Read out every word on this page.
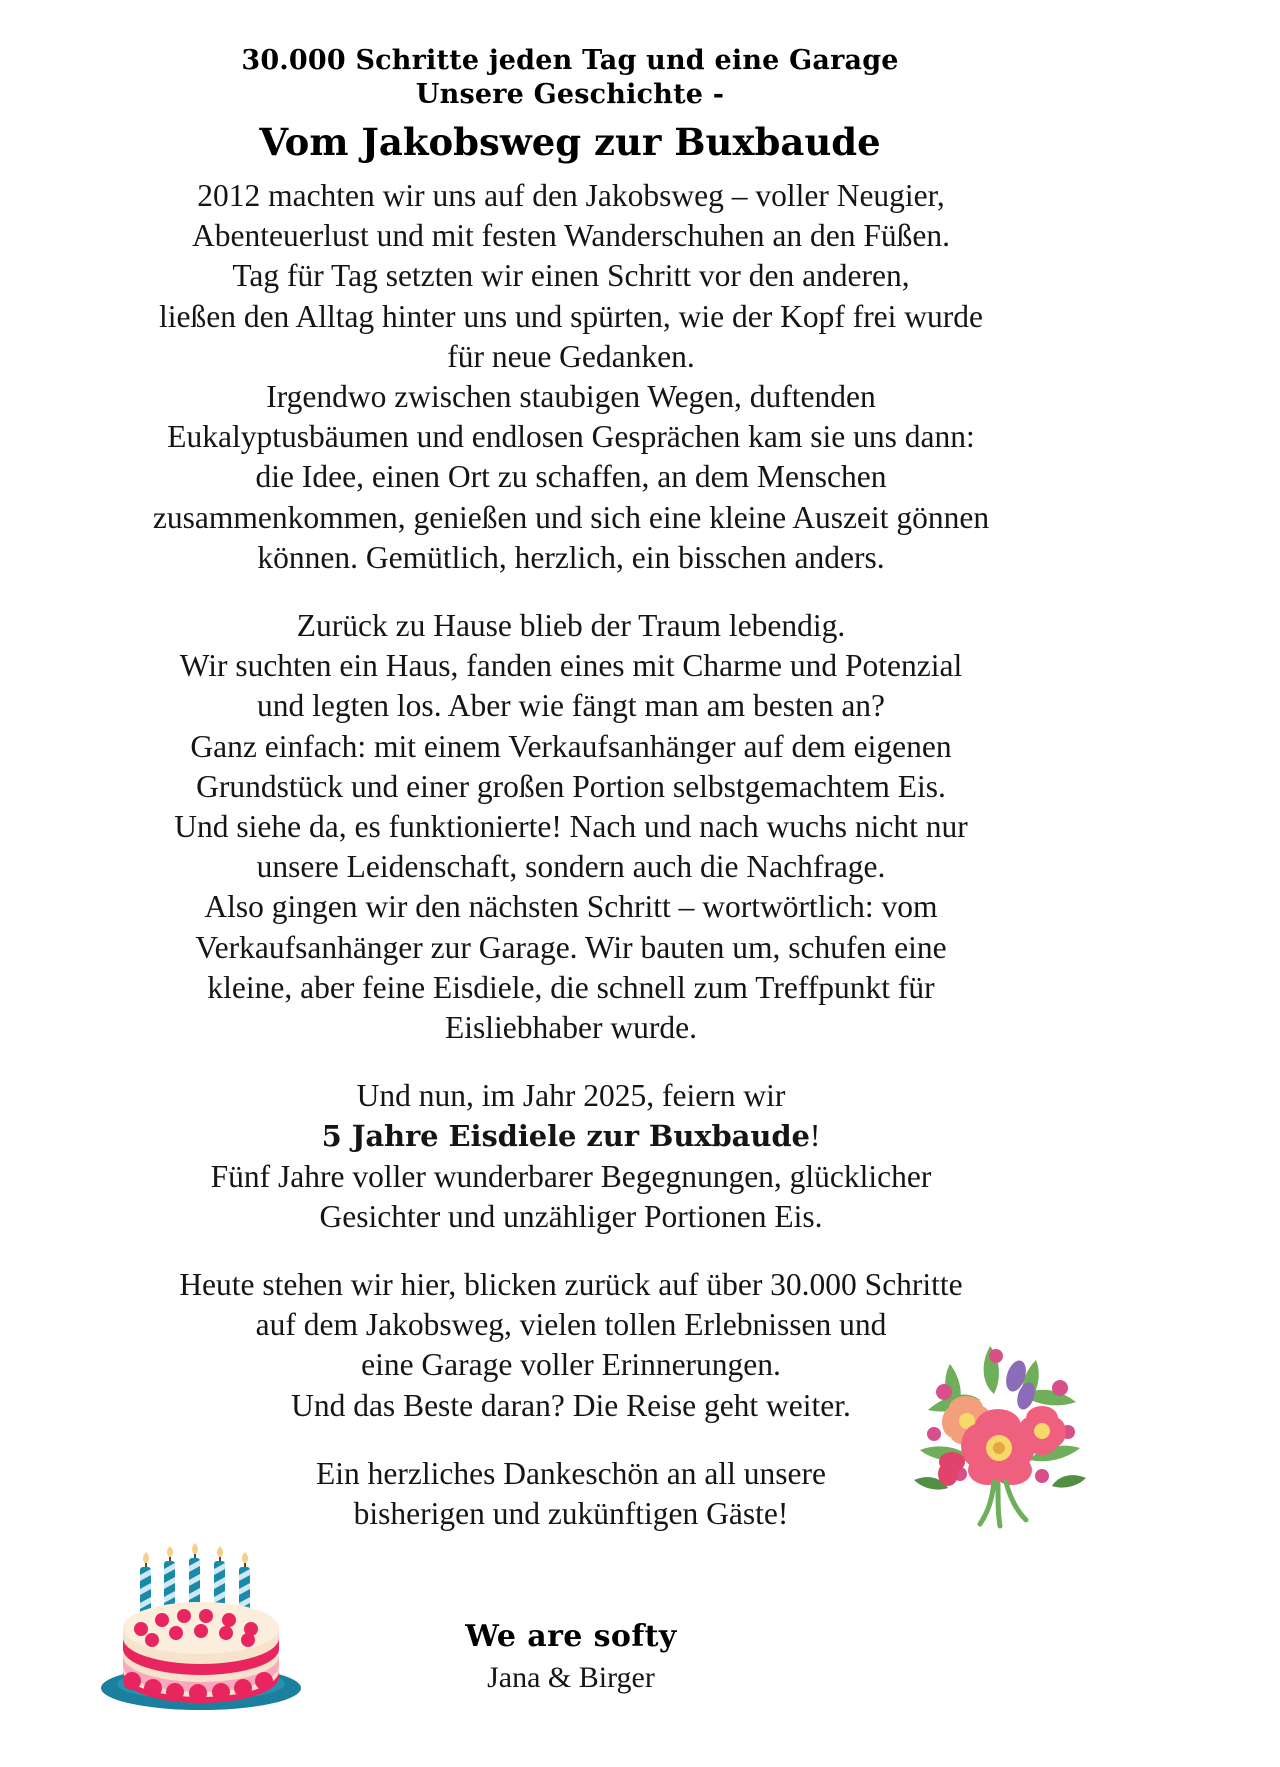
30.000 Schritte jeden Tag und eine Garage
Unsere Geschichte -
Vom Jakobsweg zur Buxbaude

2012 machten wir uns auf den Jakobsweg – voller Neugier,
Abenteuerlust und mit festen Wanderschuhen an den Füßen.
Tag für Tag setzten wir einen Schritt vor den anderen,
ließen den Alltag hinter uns und spürten, wie der Kopf frei wurde
für neue Gedanken.
Irgendwo zwischen staubigen Wegen, duftenden
Eukalyptusbäumen und endlosen Gesprächen kam sie uns dann:
die Idee, einen Ort zu schaffen, an dem Menschen
zusammenkommen, genießen und sich eine kleine Auszeit gönnen
können. Gemütlich, herzlich, ein bisschen anders.

Zurück zu Hause blieb der Traum lebendig.
Wir suchten ein Haus, fanden eines mit Charme und Potenzial
und legten los. Aber wie fängt man am besten an?
Ganz einfach: mit einem Verkaufsanhänger auf dem eigenen
Grundstück und einer großen Portion selbstgemachtem Eis.
Und siehe da, es funktionierte! Nach und nach wuchs nicht nur
unsere Leidenschaft, sondern auch die Nachfrage.
Also gingen wir den nächsten Schritt – wortwörtlich: vom
Verkaufsanhänger zur Garage. Wir bauten um, schufen eine
kleine, aber feine Eisdiele, die schnell zum Treffpunkt für
Eisliebhaber wurde.

Und nun, im Jahr 2025, feiern wir
5 Jahre Eisdiele zur Buxbaude!
Fünf Jahre voller wunderbarer Begegnungen, glücklicher
Gesichter und unzähliger Portionen Eis.

Heute stehen wir hier, blicken zurück auf über 30.000 Schritte
auf dem Jakobsweg, vielen tollen Erlebnissen und
eine Garage voller Erinnerungen.
Und das Beste daran? Die Reise geht weiter.

Ein herzliches Dankeschön an all unsere
bisherigen und zukünftigen Gäste!

We are softy
Jana & Birger
